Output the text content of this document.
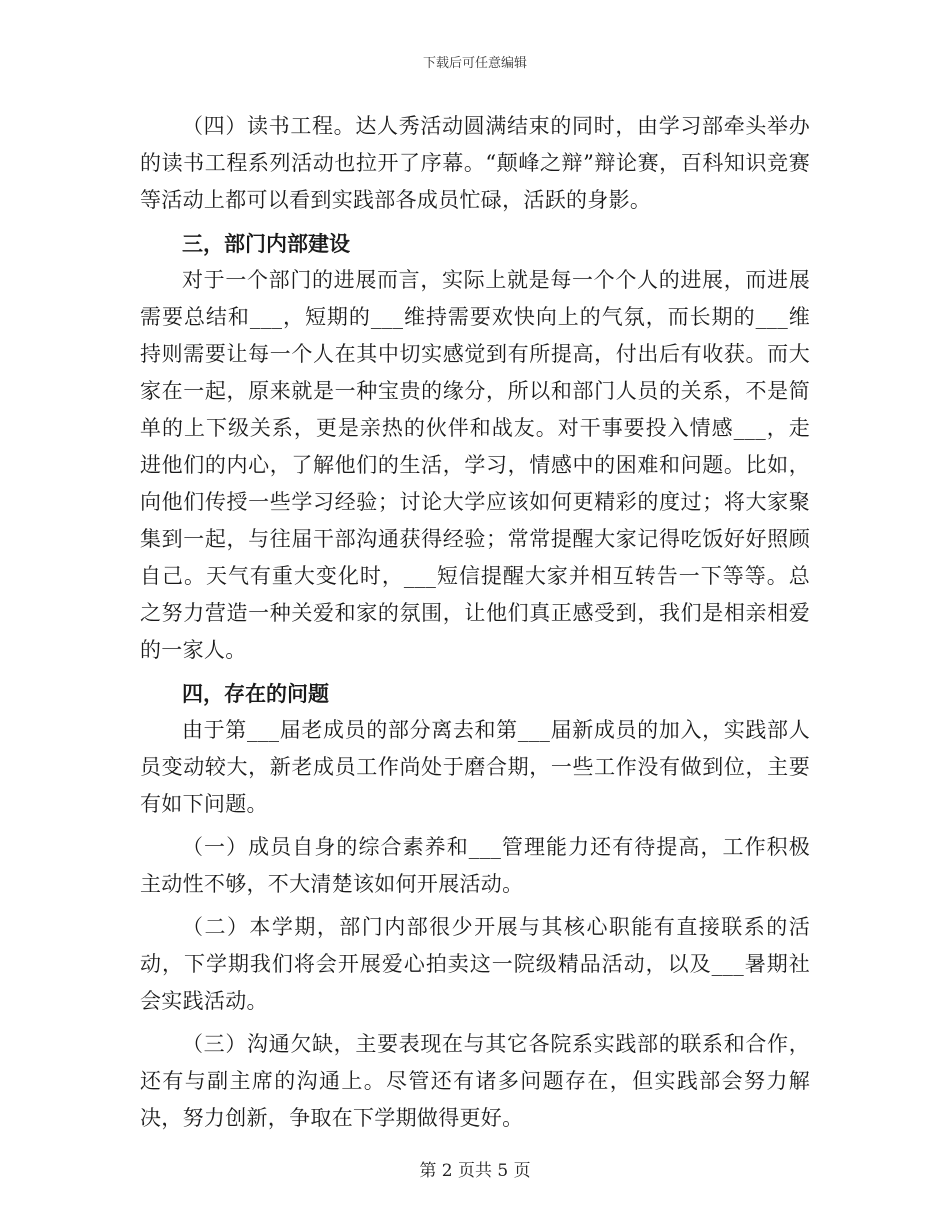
下载后可任意编辑

（四）读书工程。达人秀活动圆满结束的同时，由学习部牵头举办的读书工程系列活动也拉开了序幕。“颠峰之辩”辩论赛，百科知识竞赛等活动上都可以看到实践部各成员忙碌，活跃的身影。

三，部门内部建设

对于一个部门的进展而言，实际上就是每一个个人的进展，而进展需要总结和___，短期的___维持需要欢快向上的气氛，而长期的___维持则需要让每一个人在其中切实感觉到有所提高，付出后有收获。而大家在一起，原来就是一种宝贵的缘分，所以和部门人员的关系，不是简单的上下级关系，更是亲热的伙伴和战友。对干事要投入情感___，走进他们的内心，了解他们的生活，学习，情感中的困难和问题。比如，向他们传授一些学习经验；讨论大学应该如何更精彩的度过；将大家聚集到一起，与往届干部沟通获得经验；常常提醒大家记得吃饭好好照顾自己。天气有重大变化时，___短信提醒大家并相互转告一下等等。总之努力营造一种关爱和家的氛围，让他们真正感受到，我们是相亲相爱的一家人。

四，存在的问题

由于第___届老成员的部分离去和第___届新成员的加入，实践部人员变动较大，新老成员工作尚处于磨合期，一些工作没有做到位，主要有如下问题。

（一）成员自身的综合素养和___管理能力还有待提高，工作积极主动性不够，不大清楚该如何开展活动。

（二）本学期，部门内部很少开展与其核心职能有直接联系的活动，下学期我们将会开展爱心拍卖这一院级精品活动，以及___暑期社会实践活动。

（三）沟通欠缺，主要表现在与其它各院系实践部的联系和合作，还有与副主席的沟通上。尽管还有诸多问题存在，但实践部会努力解决，努力创新，争取在下学期做得更好。

第 2 页共 5 页
